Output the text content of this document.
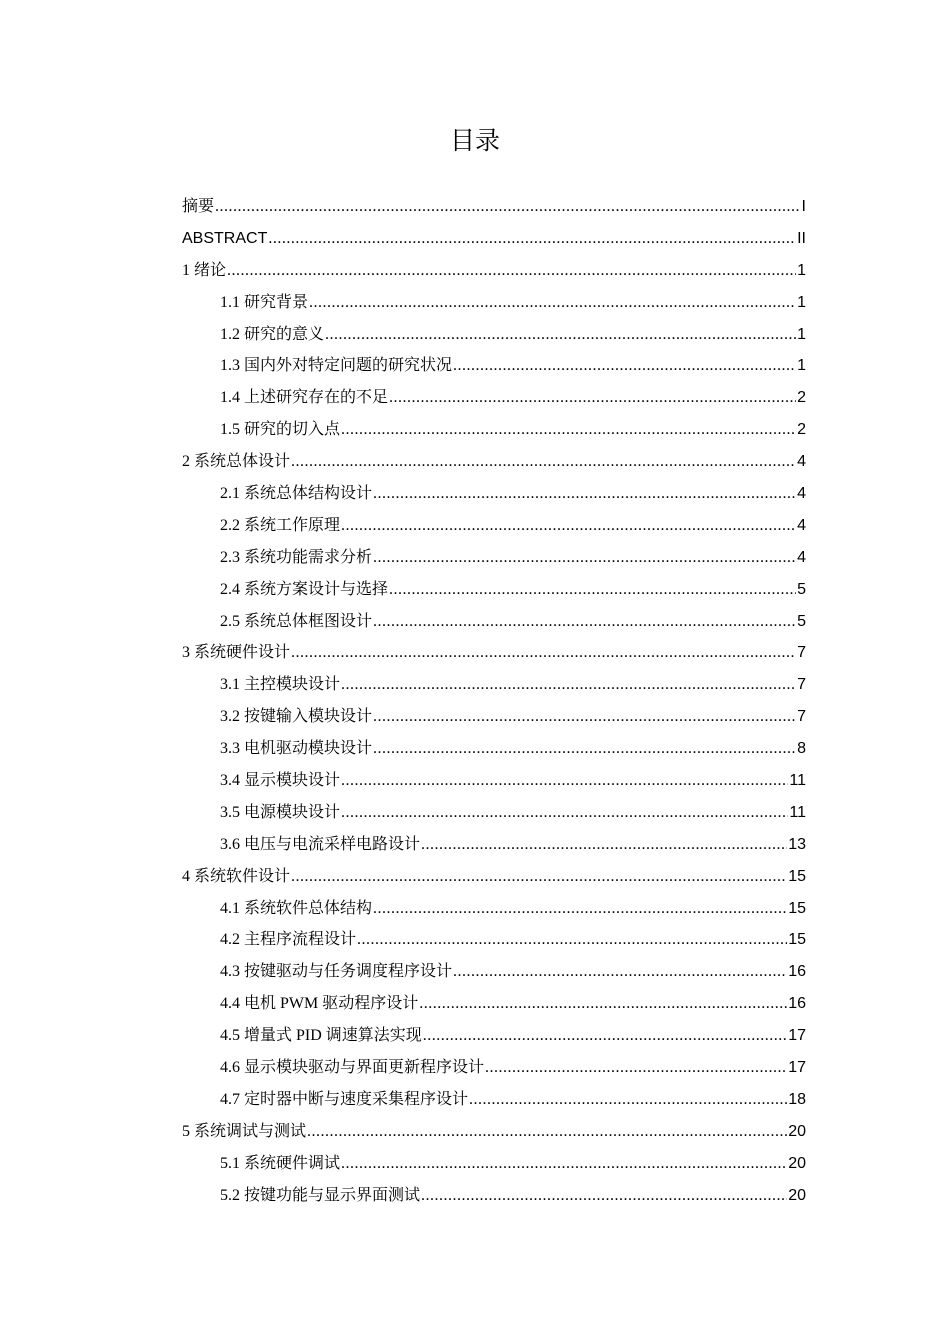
目录
摘要 .....	I
ABSTRACT .....	II
1 绪论 .....	1
1.1 研究背景 .....	1
1.2 研究的意义 .....	1
1.3 国内外对特定问题的研究状况 .....	1
1.4 上述研究存在的不足 .....	2
1.5 研究的切入点 .....	2
2 系统总体设计 .....	4
2.1 系统总体结构设计 .....	4
2.2 系统工作原理 .....	4
2.3 系统功能需求分析 .....	4
2.4 系统方案设计与选择 .....	5
2.5 系统总体框图设计 .....	5
3 系统硬件设计 .....	7
3.1 主控模块设计 .....	7
3.2 按键输入模块设计 .....	7
3.3 电机驱动模块设计 .....	8
3.4 显示模块设计 .....	11
3.5 电源模块设计 .....	11
3.6 电压与电流采样电路设计 .....	13
4 系统软件设计 .....	15
4.1 系统软件总体结构 .....	15
4.2 主程序流程设计 .....	15
4.3 按键驱动与任务调度程序设计 .....	16
4.4 电机 PWM 驱动程序设计 .....	16
4.5 增量式 PID 调速算法实现 .....	17
4.6 显示模块驱动与界面更新程序设计 .....	17
4.7 定时器中断与速度采集程序设计 .....	18
5 系统调试与测试 .....	20
5.1 系统硬件调试 .....	20
5.2 按键功能与显示界面测试 .....	20
